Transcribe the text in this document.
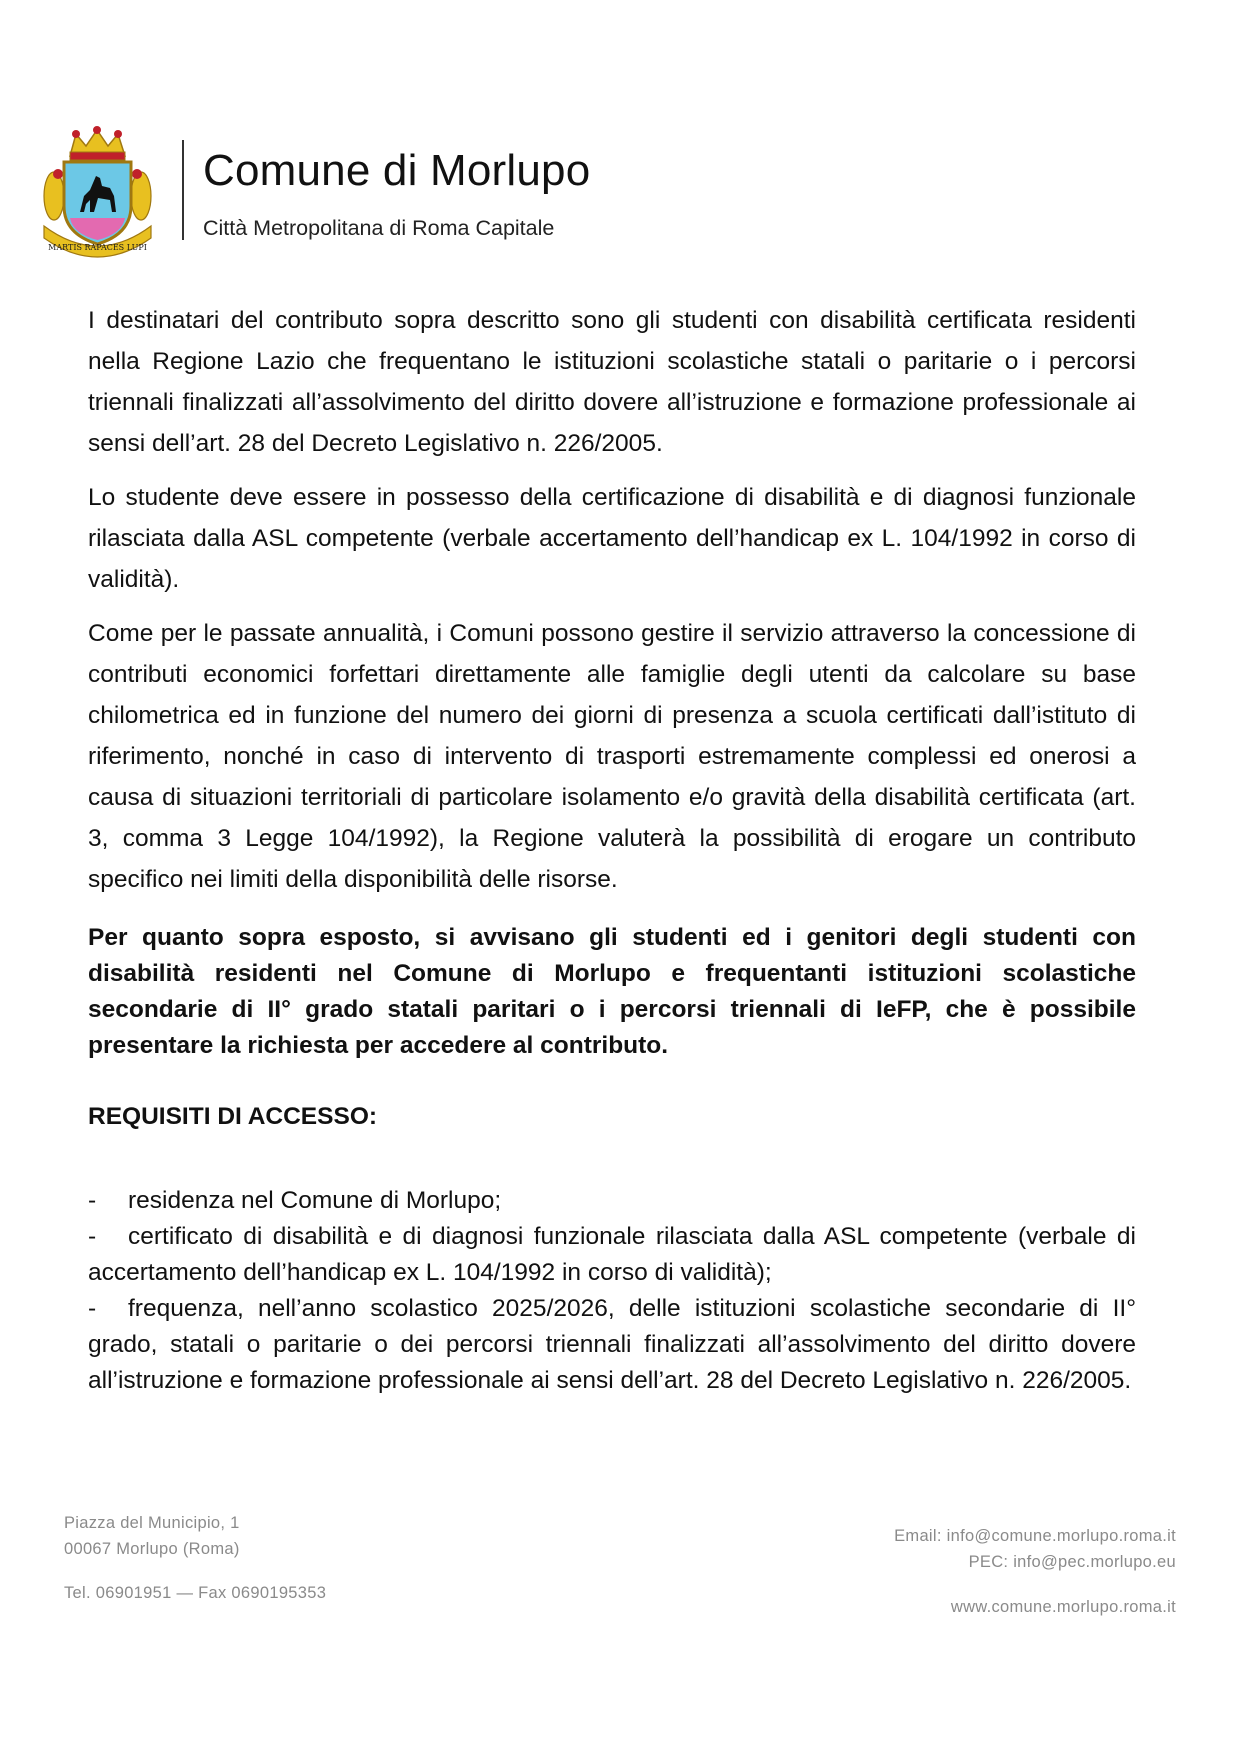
MARTIS RAPACES LUPI
Comune di Morlupo
Città Metropolitana di Roma Capitale

I destinatari del contributo sopra descritto sono gli studenti con disabilità certificata residenti nella Regione Lazio che frequentano le istituzioni scolastiche statali o paritarie o i percorsi triennali finalizzati all’assolvimento del diritto dovere all’istruzione e formazione professionale ai sensi dell’art. 28 del Decreto Legislativo n. 226/2005.

Lo studente deve essere in possesso della certificazione di disabilità e di diagnosi funzionale rilasciata dalla ASL competente (verbale accertamento dell’handicap ex L. 104/1992 in corso di validità).

Come per le passate annualità, i Comuni possono gestire il servizio attraverso la concessione di contributi economici forfettari direttamente alle famiglie degli utenti da calcolare su base chilometrica ed in funzione del numero dei giorni di presenza a scuola certificati dall’istituto di riferimento, nonché in caso di intervento di trasporti estremamente complessi ed onerosi a causa di situazioni territoriali di particolare isolamento e/o gravità della disabilità certificata (art. 3, comma 3 Legge 104/1992), la Regione valuterà la possibilità di erogare un contributo specifico nei limiti della disponibilità delle risorse.

Per quanto sopra esposto, si avvisano gli studenti ed i genitori degli studenti con disabilità residenti nel Comune di Morlupo e frequentanti istituzioni scolastiche secondarie di II° grado statali paritari o i percorsi triennali di IeFP, che è possibile presentare la richiesta per accedere al contributo.

REQUISITI DI ACCESSO:

- residenza nel Comune di Morlupo;

- certificato di disabilità e di diagnosi funzionale rilasciata dalla ASL competente (verbale di accertamento dell’handicap ex L. 104/1992 in corso di validità);

- frequenza, nell’anno scolastico 2025/2026, delle istituzioni scolastiche secondarie di II° grado, statali o paritarie o dei percorsi triennali finalizzati all’assolvimento del diritto dovere all’istruzione e formazione professionale ai sensi dell’art. 28 del Decreto Legislativo n. 226/2005.

Piazza del Municipio, 1
00067 Morlupo (Roma)
Tel. 06901951 — Fax 0690195353
Email: info@comune.morlupo.roma.it
PEC: info@pec.morlupo.eu
www.comune.morlupo.roma.it
